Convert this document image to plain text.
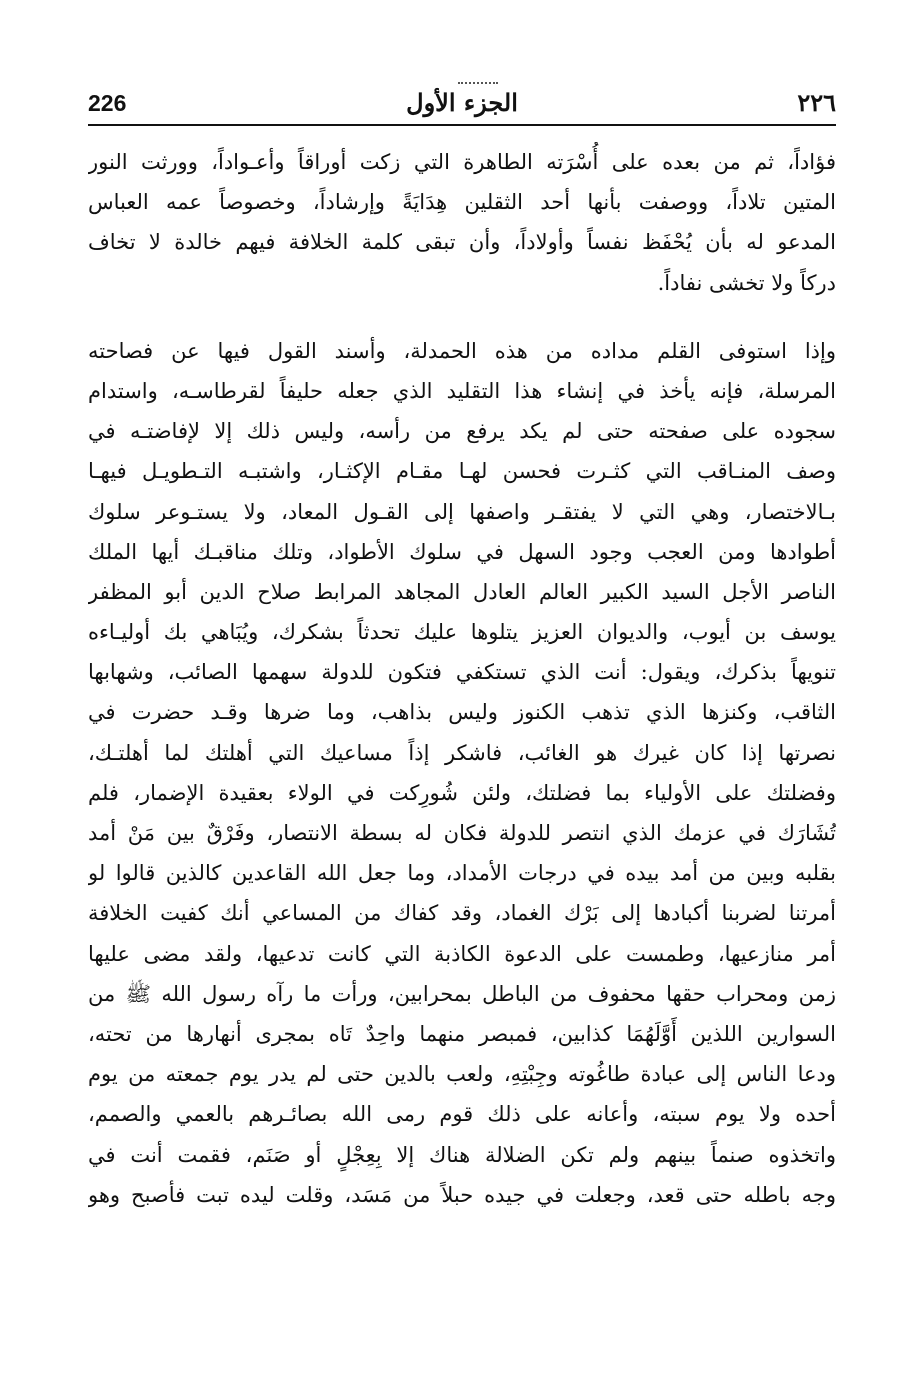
٢٢٦
الجزء الأول
226
فؤاداً، ثم من بعده على أُسْرَته الطاهرة التي زكت أوراقاً وأعـواداً، وورثت النور
المتين تلاداً، ووصفت بأنها أحد الثقلين هِدَايَةً وإرشاداً، وخصوصاً عمه العباس
المدعو له بأن يُحْفَظ نفساً وأولاداً، وأن تبقى كلمة الخلافة فيهم خالدة لا تخاف
دركاً ولا تخشى نفاداً.
وإذا استوفى القلم مداده من هذه الحمدلة، وأسند القول فيها عن فصاحته
المرسلة، فإنه يأخذ في إنشاء هذا التقليد الذي جعله حليفاً لقرطاسـه، واستدام
سجوده على صفحته حتى لم يكد يرفع من رأسه، وليس ذلك إلا لإفاضتـه في
وصف المنـاقب التي كثـرت فحسن لهـا مقـام الإكثـار، واشتبـه التـطويـل فيهـا
بـالاختصار، وهي التي لا يفتقـر واصفها إلى القـول المعاد، ولا يستـوعر سلوك
أطوادها ومن العجب وجود السهل في سلوك الأطواد، وتلك مناقبـك أيها الملك
الناصر الأجل السيد الكبير العالم العادل المجاهد المرابط صلاح الدين أبو المظفر
يوسف بن أيوب، والديوان العزيز يتلوها عليك تحدثاً بشكرك، ويُبَاهي بك أوليـاءه
تنويهاً بذكرك، ويقول: أنت الذي تستكفي فتكون للدولة سهمها الصائب، وشهابها
الثاقب، وكنزها الذي تذهب الكنوز وليس بذاهب، وما ضرها وقـد حضرت في
نصرتها إذا كان غيرك هو الغائب، فاشكر إذاً مساعيك التي أهلتك لما أهلتـك،
وفضلتك على الأولياء بما فضلتك، ولئن شُورِكت في الولاء بعقيدة الإضمار، فلم
تُشَارَك في عزمك الذي انتصر للدولة فكان له بسطة الانتصار، وفَرْقٌ بين مَنْ أمد
بقلبه وبين من أمد بيده في درجات الأمداد، وما جعل الله القاعدين كالذين قالوا لو
أمرتنا لضربنا أكبادها إلى بَرْك الغماد، وقد كفاك من المساعي أنك كفيت الخلافة
أمر منازعيها، وطمست على الدعوة الكاذبة التي كانت تدعيها، ولقد مضى عليها
زمن ومحراب حقها محفوف من الباطل بمحرابين، ورأت ما رآه رسول الله ﷺ من
السوارين اللذين أَوَّلَهُمَا كذابين، فمبصر منهما واحِدٌ تَاه بمجرى أنهارها من تحته،
ودعا الناس إلى عبادة طاغُوته وجِبْتِهِ، ولعب بالدين حتى لم يدر يوم جمعته من يوم
أحده ولا يوم سبته، وأعانه على ذلك قوم رمى الله بصائـرهم بالعمي والصمم،
واتخذوه صنماً بينهم ولم تكن الضلالة هناك إلا بِعِجْلٍ أو صَنَم، فقمت أنت في
وجه باطله حتى قعد، وجعلت في جيده حبلاً من مَسَد، وقلت ليده تبت فأصبح وهو
